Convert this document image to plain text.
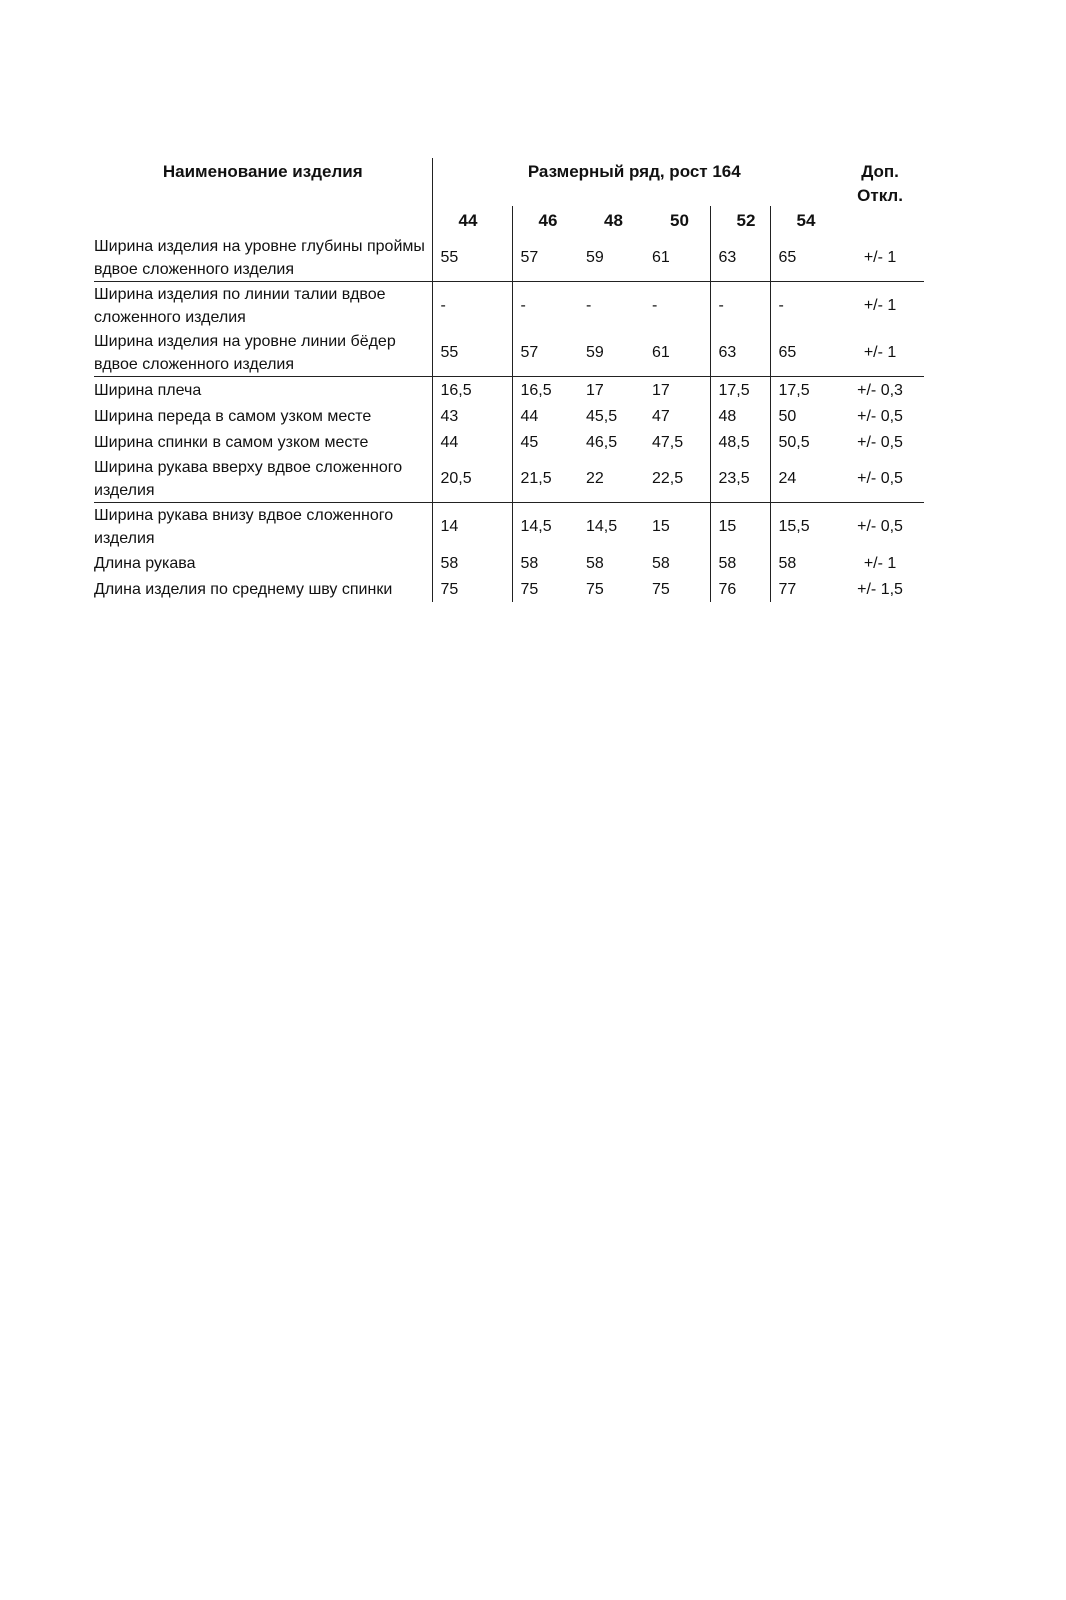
Наименование изделия	Размерный ряд, рост 164						Доп.
Откл.
	44	46	48	50	52	54	
Ширина изделия на уровне глубины проймы вдвое сложенного изделия	55	57	59	61	63	65	+/- 1
Ширина изделия по линии талии вдвое сложенного изделия	-	-	-	-	-	-	+/- 1
Ширина изделия на уровне линии бёдер вдвое сложенного изделия	55	57	59	61	63	65	+/- 1
Ширина плеча	16,5	16,5	17	17	17,5	17,5	+/- 0,3
Ширина переда в самом узком месте	43	44	45,5	47	48	50	+/- 0,5
Ширина спинки в самом узком месте	44	45	46,5	47,5	48,5	50,5	+/- 0,5
Ширина рукава вверху вдвое сложенного изделия	20,5	21,5	22	22,5	23,5	24	+/- 0,5
Ширина рукава внизу вдвое сложенного изделия	14	14,5	14,5	15	15	15,5	+/- 0,5
Длина рукава	58	58	58	58	58	58	+/- 1
Длина изделия по среднему шву спинки	75	75	75	75	76	77	+/- 1,5
